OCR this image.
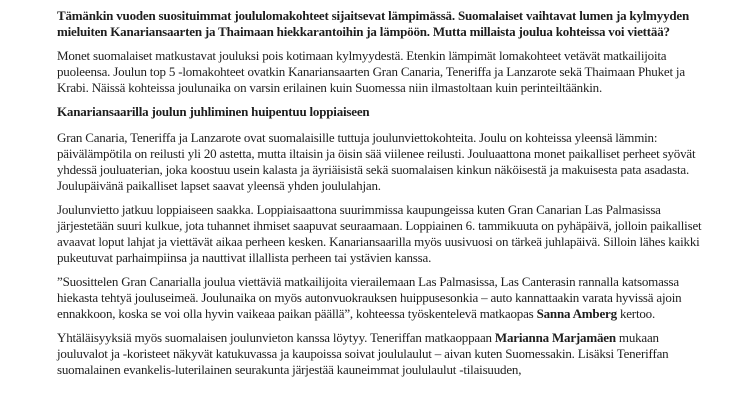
Tämänkin vuoden suosituimmat joululomakohteet sijaitsevat lämpimässä. Suomalaiset vaihtavat lumen ja kylmyyden mieluiten Kanariansaarten ja Thaimaan hiekkarantoihin ja lämpöön. Mutta millaista joulua kohteissa voi viettää?

Monet suomalaiset matkustavat jouluksi pois kotimaan kylmyydestä. Etenkin lämpimät lomakohteet vetävät matkailijoita puoleensa. Joulun top 5 -lomakohteet ovatkin Kanariansaarten Gran Canaria, Teneriffa ja Lanzarote sekä Thaimaan Phuket ja Krabi. Näissä kohteissa joulunaika on varsin erilainen kuin Suomessa niin ilmastoltaan kuin perinteiltäänkin.

Kanariansaarilla joulun juhliminen huipentuu loppiaiseen

Gran Canaria, Teneriffa ja Lanzarote ovat suomalaisille tuttuja joulunviettokohteita. Joulu on kohteissa yleensä lämmin: päivälämpötila on reilusti yli 20 astetta, mutta iltaisin ja öisin sää viilenee reilusti. Jouluaattona monet paikalliset perheet syövät yhdessä jouluaterian, joka koostuu usein kalasta ja äyriäisistä sekä suomalaisen kinkun näköisestä ja makuisesta pata asadasta. Joulupäivänä paikalliset lapset saavat yleensä yhden joululahjan.

Joulunvietto jatkuu loppiaiseen saakka. Loppiaisaattona suurimmissa kaupungeissa kuten Gran Canarian Las Palmasissa järjestetään suuri kulkue, jota tuhannet ihmiset saapuvat seuraamaan. Loppiainen 6. tammikuuta on pyhäpäivä, jolloin paikalliset avaavat loput lahjat ja viettävät aikaa perheen kesken. Kanariansaarilla myös uusivuosi on tärkeä juhlapäivä. Silloin lähes kaikki pukeutuvat parhaimpiinsa ja nauttivat illallista perheen tai ystävien kanssa.

”Suosittelen Gran Canarialla joulua viettäviä matkailijoita vierailemaan Las Palmasissa, Las Canterasin rannalla katsomassa hiekasta tehtyä jouluseimeä. Joulunaika on myös autonvuokrauksen huippusesonkia – auto kannattaakin varata hyvissä ajoin ennakkoon, koska se voi olla hyvin vaikeaa paikan päällä”, kohteessa työskentelevä matkaopas Sanna Amberg kertoo.

Yhtäläisyyksiä myös suomalaisen joulunvieton kanssa löytyy. Teneriffan matkaoppaan Marianna Marjamäen mukaan jouluvalot ja -koristeet näkyvät katukuvassa ja kaupoissa soivat joululaulut – aivan kuten Suomessakin. Lisäksi Teneriffan suomalainen evankelis-luterilainen seurakunta järjestää kauneimmat joululaulut -tilaisuuden,
